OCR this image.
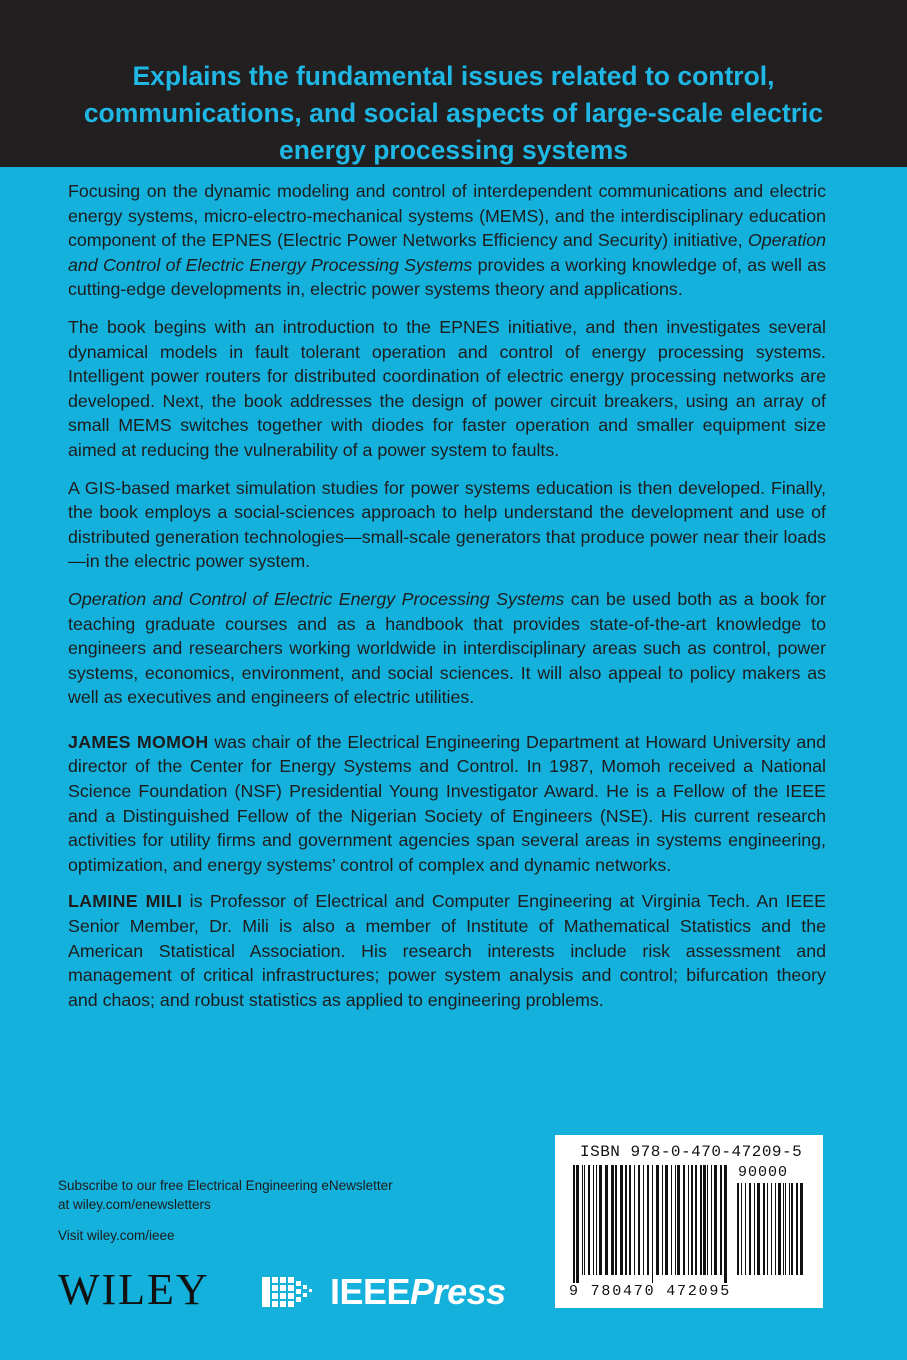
Explains the fundamental issues related to control, communications, and social aspects of large-scale electric energy processing systems

Focusing on the dynamic modeling and control of interdependent communications and electric energy systems, micro-electro-mechanical systems (MEMS), and the interdisciplinary education component of the EPNES (Electric Power Networks Efficiency and Security) initiative, Operation and Control of Electric Energy Processing Systems provides a working knowledge of, as well as cutting-edge developments in, electric power systems theory and applications.

The book begins with an introduction to the EPNES initiative, and then investigates several dynamical models in fault tolerant operation and control of energy processing systems. Intelligent power routers for distributed coordination of electric energy processing networks are developed. Next, the book addresses the design of power circuit breakers, using an array of small MEMS switches together with diodes for faster operation and smaller equipment size aimed at reducing the vulnerability of a power system to faults.

A GIS-based market simulation studies for power systems education is then developed. Finally, the book employs a social-sciences approach to help understand the development and use of distributed generation technologies—small-scale generators that produce power near their loads—in the electric power system.

Operation and Control of Electric Energy Processing Systems can be used both as a book for teaching graduate courses and as a handbook that provides state-of-the-art knowledge to engineers and researchers working worldwide in interdisciplinary areas such as control, power systems, economics, environment, and social sciences. It will also appeal to policy makers as well as executives and engineers of electric utilities.

JAMES MOMOH was chair of the Electrical Engineering Department at Howard University and director of the Center for Energy Systems and Control. In 1987, Momoh received a National Science Foundation (NSF) Presidential Young Investigator Award. He is a Fellow of the IEEE and a Distinguished Fellow of the Nigerian Society of Engineers (NSE). His current research activities for utility firms and government agencies span several areas in systems engineering, optimization, and energy systems’ control of complex and dynamic networks.

LAMINE MILI is Professor of Electrical and Computer Engineering at Virginia Tech. An IEEE Senior Member, Dr. Mili is also a member of Institute of Mathematical Statistics and the American Statistical Association. His research interests include risk assessment and management of critical infrastructures; power system analysis and control; bifurcation theory and chaos; and robust statistics as applied to engineering problems.

Subscribe to our free Electrical Engineering eNewsletter
at wiley.com/enewsletters
Visit wiley.com/ieee
WILEY	IEEEPress
ISBN 978-0-470-47209-5
90000
9 780470 472095
